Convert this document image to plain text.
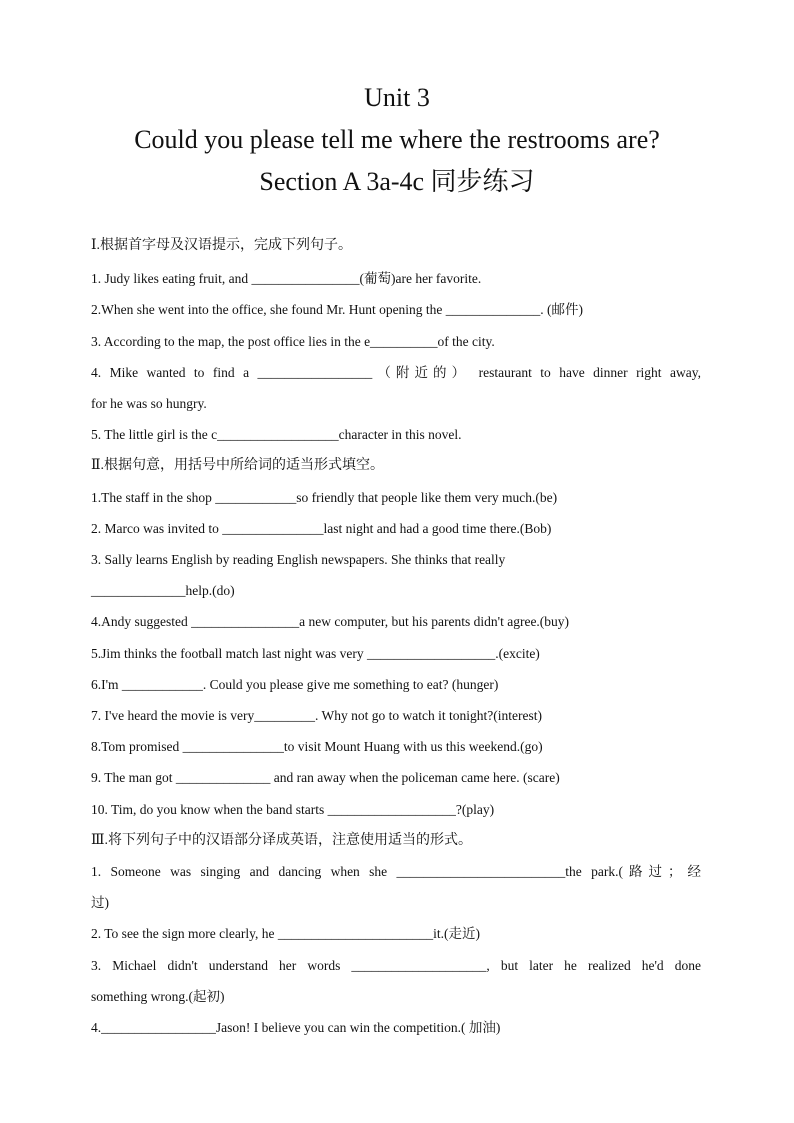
Unit 3
Could you please tell me where the restrooms are?
Section A 3a-4c 同步练习
Ⅰ.根据首字母及汉语提示，完成下列句子。
1. Judy likes eating fruit, and ________________(葡萄)are her favorite.
2.When she went into the office, she found Mr. Hunt opening the ______________. (邮件)
3. According to the map, the post office lies in the e__________of the city.
4. Mike wanted to find a _________________（附近的） restaurant to have dinner right away,
for he was so hungry.
5. The little girl is the c__________________character in this novel.
Ⅱ.根据句意，用括号中所给词的适当形式填空。
1.The staff in the shop ____________so friendly that people like them very much.(be)
2. Marco was invited to _______________last night and had a good time there.(Bob)
3. Sally learns English by reading English newspapers. She thinks that really
______________help.(do)
4.Andy suggested ________________a new computer, but his parents didn't agree.(buy)
5.Jim thinks the football match last night was very ___________________.(excite)
6.I'm ____________. Could you please give me something to eat? (hunger)
7. I've heard the movie is very_________. Why not go to watch it tonight?(interest)
8.Tom promised _______________to visit Mount Huang with us this weekend.(go)
9. The man got ______________ and ran away when the policeman came here. (scare)
10. Tim, do you know when the band starts ___________________?(play)
Ⅲ.将下列句子中的汉语部分译成英语，注意使用适当的形式。
1. Someone was singing and dancing when she _________________________the park.(路过；经
过)
2. To see the sign more clearly, he _______________________it.(走近)
3. Michael didn't understand her words ____________________, but later he realized he'd done
something wrong.(起初)
4._________________Jason! I believe you can win the competition.( 加油)
